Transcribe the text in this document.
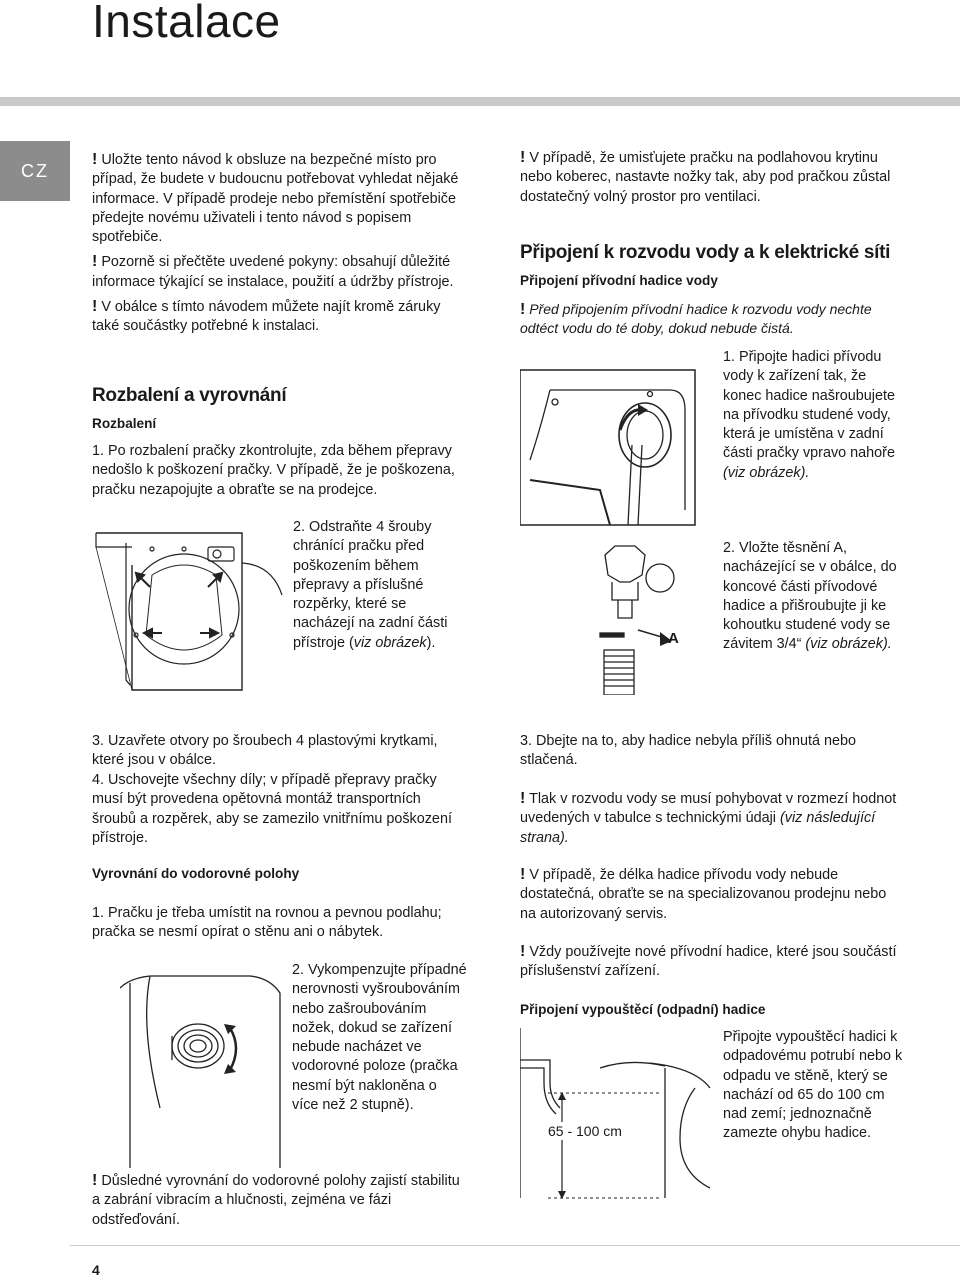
Instalace
CZ

! Uložte tento návod k obsluze na bezpečné místo pro případ, že budete v budoucnu potřebovat vyhledat nějaké informace. V případě prodeje nebo přemístění spotřebiče předejte novému uživateli i tento návod s popisem spotřebiče.

! Pozorně si přečtěte uvedené pokyny: obsahují důležité informace týkající se instalace, použití a údržby přístroje.

! V obálce s tímto návodem můžete najít kromě záruky také součástky potřebné k instalaci.

Rozbalení a vyrovnání
Rozbalení
1. Po rozbalení pračky zkontrolujte, zda během přepravy nedošlo k poškození pračky. V případě, že je poškozena, pračku nezapojujte a obraťte se na prodejce.
2. Odstraňte 4 šrouby chránící pračku před poškozením během přepravy a příslušné rozpěrky, které se nacházejí na zadní části přístroje (viz obrázek).
3. Uzavřete otvory po šroubech 4 plastovými krytkami, které jsou v obálce.
4. Uschovejte všechny díly; v případě přepravy pračky musí být provedena opětovná montáž transportních šroubů a rozpěrek, aby se zamezilo vnitřnímu poškození přístroje.
Vyrovnání do vodorovné polohy
1. Pračku je třeba umístit na rovnou a pevnou podlahu; pračka se nesmí opírat o stěnu ani o nábytek.
2. Vykompenzujte případné nerovnosti vyšroubováním nebo zašroubováním nožek, dokud se zařízení nebude nacházet ve vodorovné poloze (pračka nesmí být nakloněna o více než 2 stupně).
! Důsledné vyrovnání do vodorovné polohy zajistí stabilitu a zabrání vibracím a hlučnosti, zejména ve fázi odstřeďování.
! V případě, že umisťujete pračku na podlahovou krytinu nebo koberec, nastavte nožky tak, aby pod pračkou zůstal dostatečný volný prostor pro ventilaci.
Připojení k rozvodu vody a k elektrické síti
Připojení přívodní hadice vody
! Před připojením přívodní hadice k rozvodu vody nechte odtéct vodu do té doby, dokud nebude čistá.
A
1. Připojte hadici přívodu vody k zařízení tak, že konec hadice našroubujete na přívodku studené vody, která je umístěna v zadní části pračky vpravo nahoře (viz obrázek).
2. Vložte těsnění A, nacházející se v obálce, do koncové části přívodové hadice a přišroubujte ji ke kohoutku studené vody se závitem 3/4“ (viz obrázek).
3. Dbejte na to, aby hadice nebyla příliš ohnutá nebo stlačená.
! Tlak v rozvodu vody se musí pohybovat v rozmezí hodnot uvedených v tabulce s technickými údaji (viz následující strana).
! V případě, že délka hadice přívodu vody nebude dostatečná, obraťte se na specializovanou prodejnu nebo na autorizovaný servis.
! Vždy používejte nové přívodní hadice, které jsou součástí příslušenství zařízení.
Připojení vypouštěcí (odpadní) hadice
65 - 100 cm
Připojte vypouštěcí hadici k odpadovému potrubí nebo k odpadu ve stěně, který se nachází od 65 do 100 cm nad zemí; jednoznačně zamezte ohybu hadice.
4
